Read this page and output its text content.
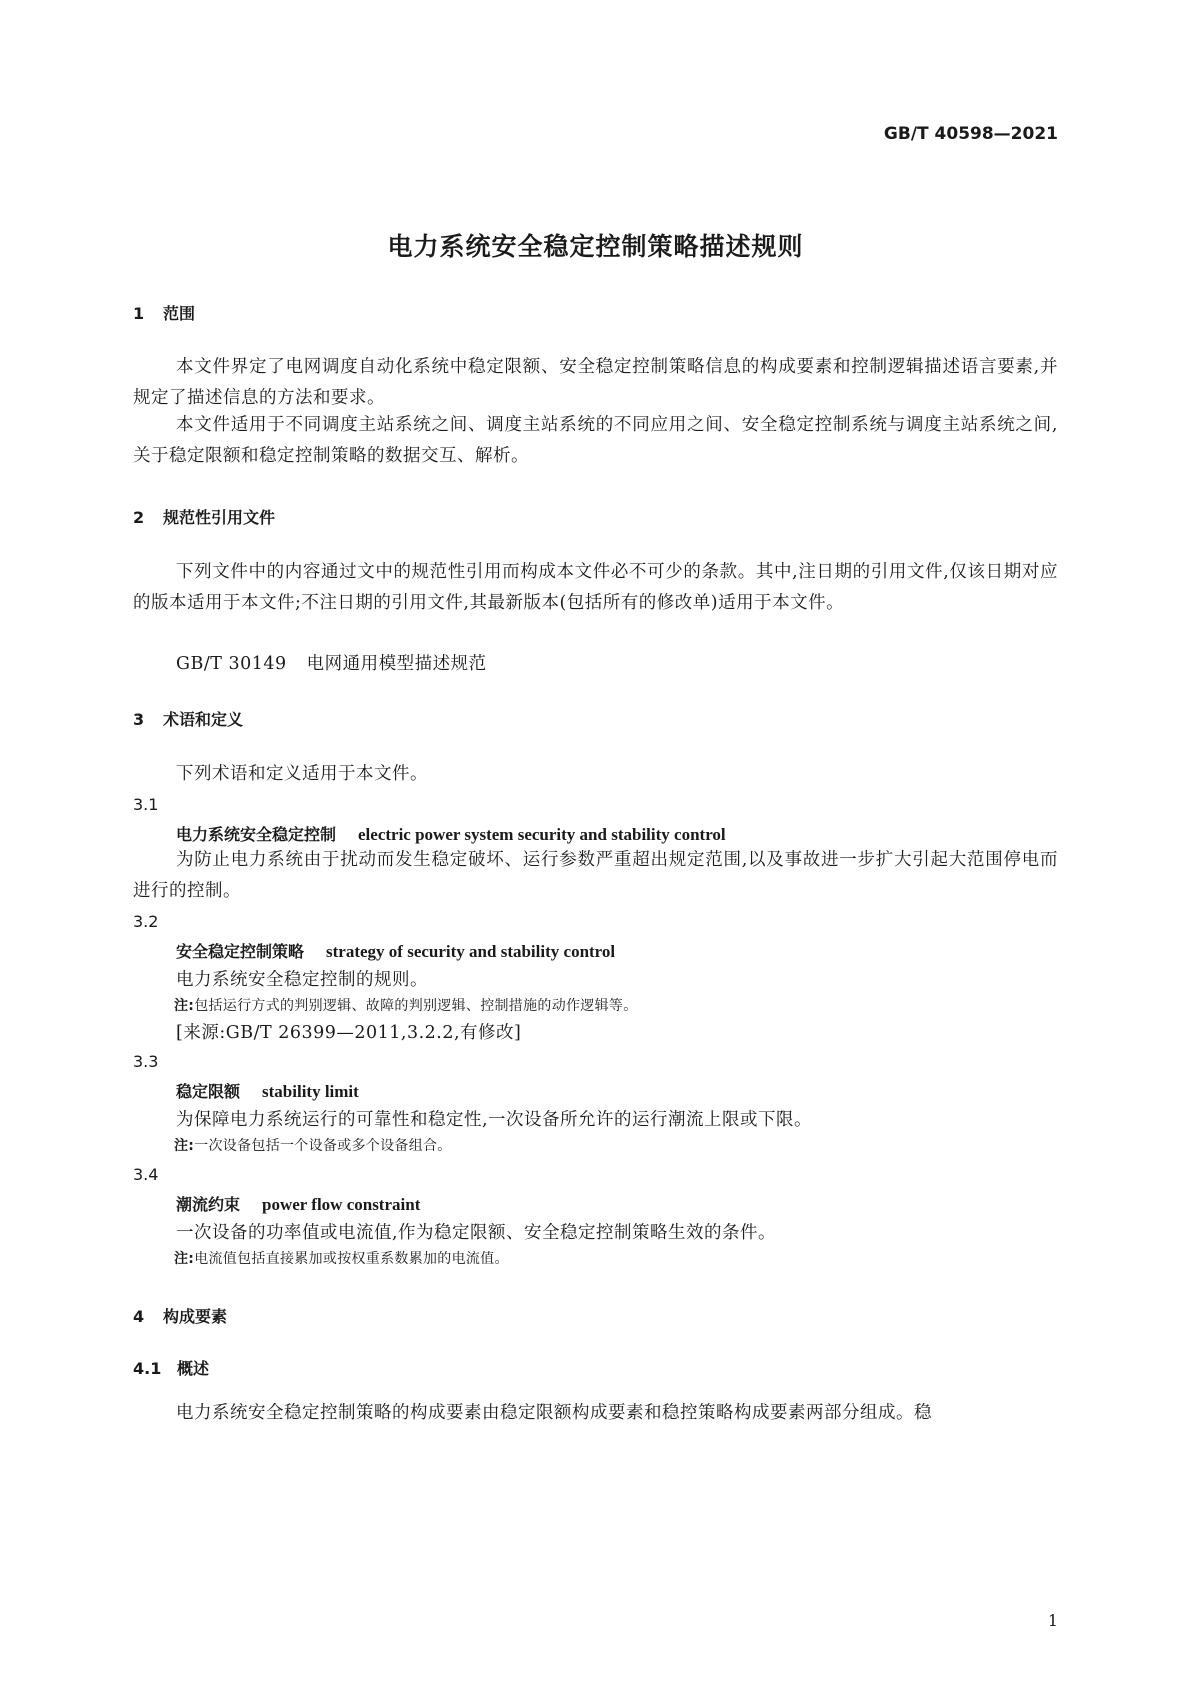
GB/T 40598—2021
电力系统安全稳定控制策略描述规则
1 范围
本文件界定了电网调度自动化系统中稳定限额、安全稳定控制策略信息的构成要素和控制逻辑描述语言要素,并规定了描述信息的方法和要求。
本文件适用于不同调度主站系统之间、调度主站系统的不同应用之间、安全稳定控制系统与调度主站系统之间,关于稳定限额和稳定控制策略的数据交互、解析。
2 规范性引用文件
下列文件中的内容通过文中的规范性引用而构成本文件必不可少的条款。其中,注日期的引用文件,仅该日期对应的版本适用于本文件;不注日期的引用文件,其最新版本(包括所有的修改单)适用于本文件。
GB/T 30149 电网通用模型描述规范
3 术语和定义
下列术语和定义适用于本文件。
3.1
电力系统安全稳定控制 electric power system security and stability control
为防止电力系统由于扰动而发生稳定破坏、运行参数严重超出规定范围,以及事故进一步扩大引起大范围停电而进行的控制。
3.2
安全稳定控制策略 strategy of security and stability control
电力系统安全稳定控制的规则。
注:包括运行方式的判别逻辑、故障的判别逻辑、控制措施的动作逻辑等。
[来源:GB/T 26399—2011,3.2.2,有修改]
3.3
稳定限额 stability limit
为保障电力系统运行的可靠性和稳定性,一次设备所允许的运行潮流上限或下限。
注:一次设备包括一个设备或多个设备组合。
3.4
潮流约束 power flow constraint
一次设备的功率值或电流值,作为稳定限额、安全稳定控制策略生效的条件。
注:电流值包括直接累加或按权重系数累加的电流值。
4 构成要素
4.1 概述
电力系统安全稳定控制策略的构成要素由稳定限额构成要素和稳控策略构成要素两部分组成。稳
1
